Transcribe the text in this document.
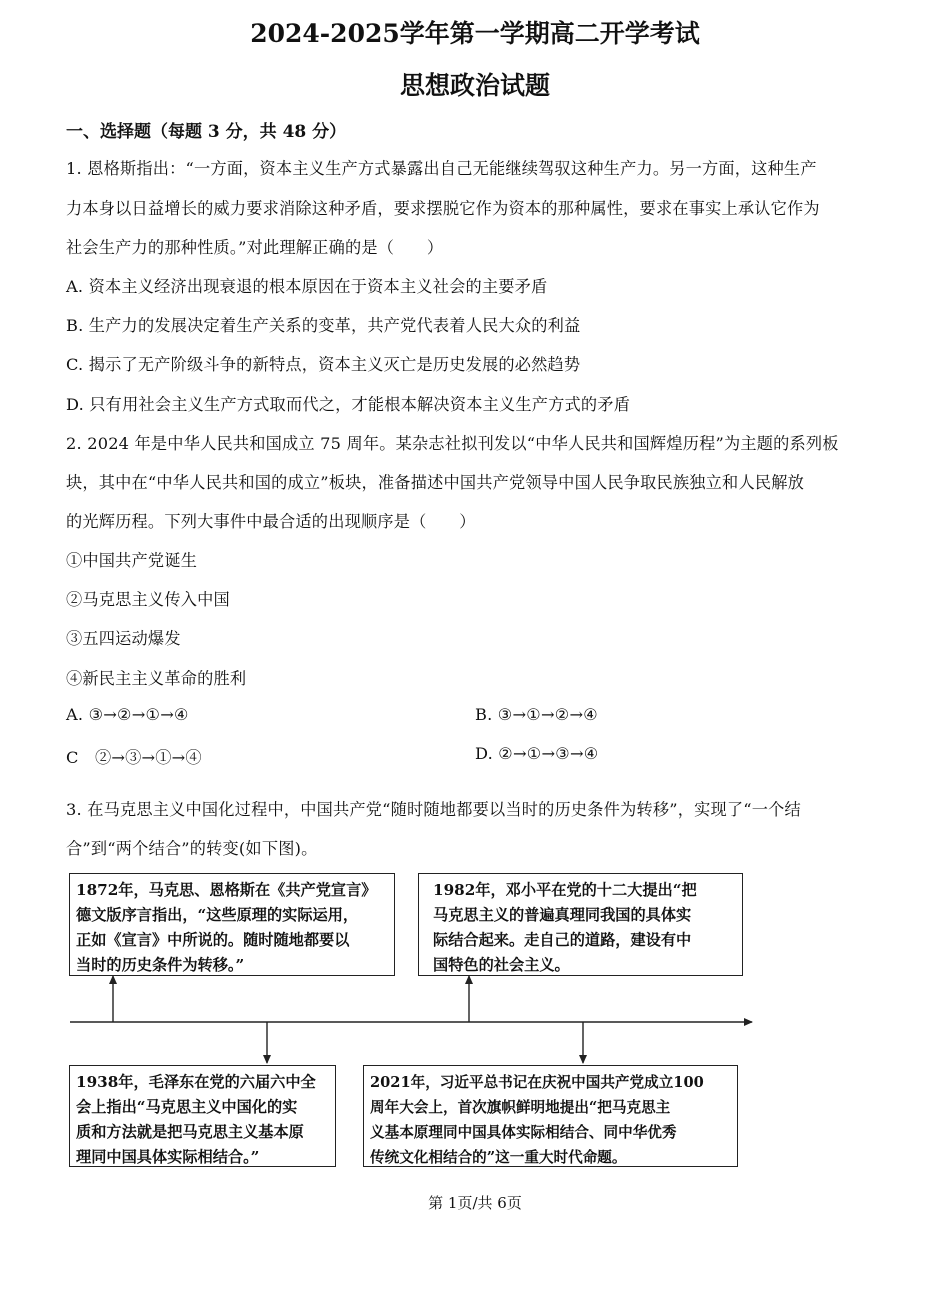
2024-2025学年第一学期高二开学考试
思想政治试题
一、选择题（每题 3 分，共 48 分）
1. 恩格斯指出：“一方面，资本主义生产方式暴露出自己无能继续驾驭这种生产力。另一方面，这种生产
力本身以日益增长的威力要求消除这种矛盾，要求摆脱它作为资本的那种属性，要求在事实上承认它作为
社会生产力的那种性质。”对此理解正确的是（　　）
A. 资本主义经济出现衰退的根本原因在于资本主义社会的主要矛盾
B. 生产力的发展决定着生产关系的变革，共产党代表着人民大众的利益
C. 揭示了无产阶级斗争的新特点，资本主义灭亡是历史发展的必然趋势
D. 只有用社会主义生产方式取而代之，才能根本解决资本主义生产方式的矛盾
2. 2024 年是中华人民共和国成立 75 周年。某杂志社拟刊发以“中华人民共和国辉煌历程”为主题的系列板
块，其中在“中华人民共和国的成立”板块，准备描述中国共产党领导中国人民争取民族独立和人民解放
的光辉历程。下列大事件中最合适的出现顺序是（　　）
①中国共产党诞生
②马克思主义传入中国
③五四运动爆发
④新民主主义革命的胜利
A. ③→②→①→④	B. ③→①→②→④
C　②→③→①→④	D. ②→①→③→④
3. 在马克思主义中国化过程中，中国共产党“随时随地都要以当时的历史条件为转移”，实现了“一个结
合”到“两个结合”的转变(如下图)。
1872年，马克思、恩格斯在《共产党宣言》
德文版序言指出，“这些原理的实际运用，
正如《宣言》中所说的。随时随地都要以
当时的历史条件为转移。”
1982年，邓小平在党的十二大提出“把
马克思主义的普遍真理同我国的具体实
际结合起来。走自己的道路，建设有中
国特色的社会主义。
1938年，毛泽东在党的六届六中全
会上指出“马克思主义中国化的实
质和方法就是把马克思主义基本原
理同中国具体实际相结合。”
2021年，习近平总书记在庆祝中国共产党成立100
周年大会上，首次旗帜鲜明地提出“把马克思主
义基本原理同中国具体实际相结合、同中华优秀
传统文化相结合的”这一重大时代命题。
第 1页/共 6页
